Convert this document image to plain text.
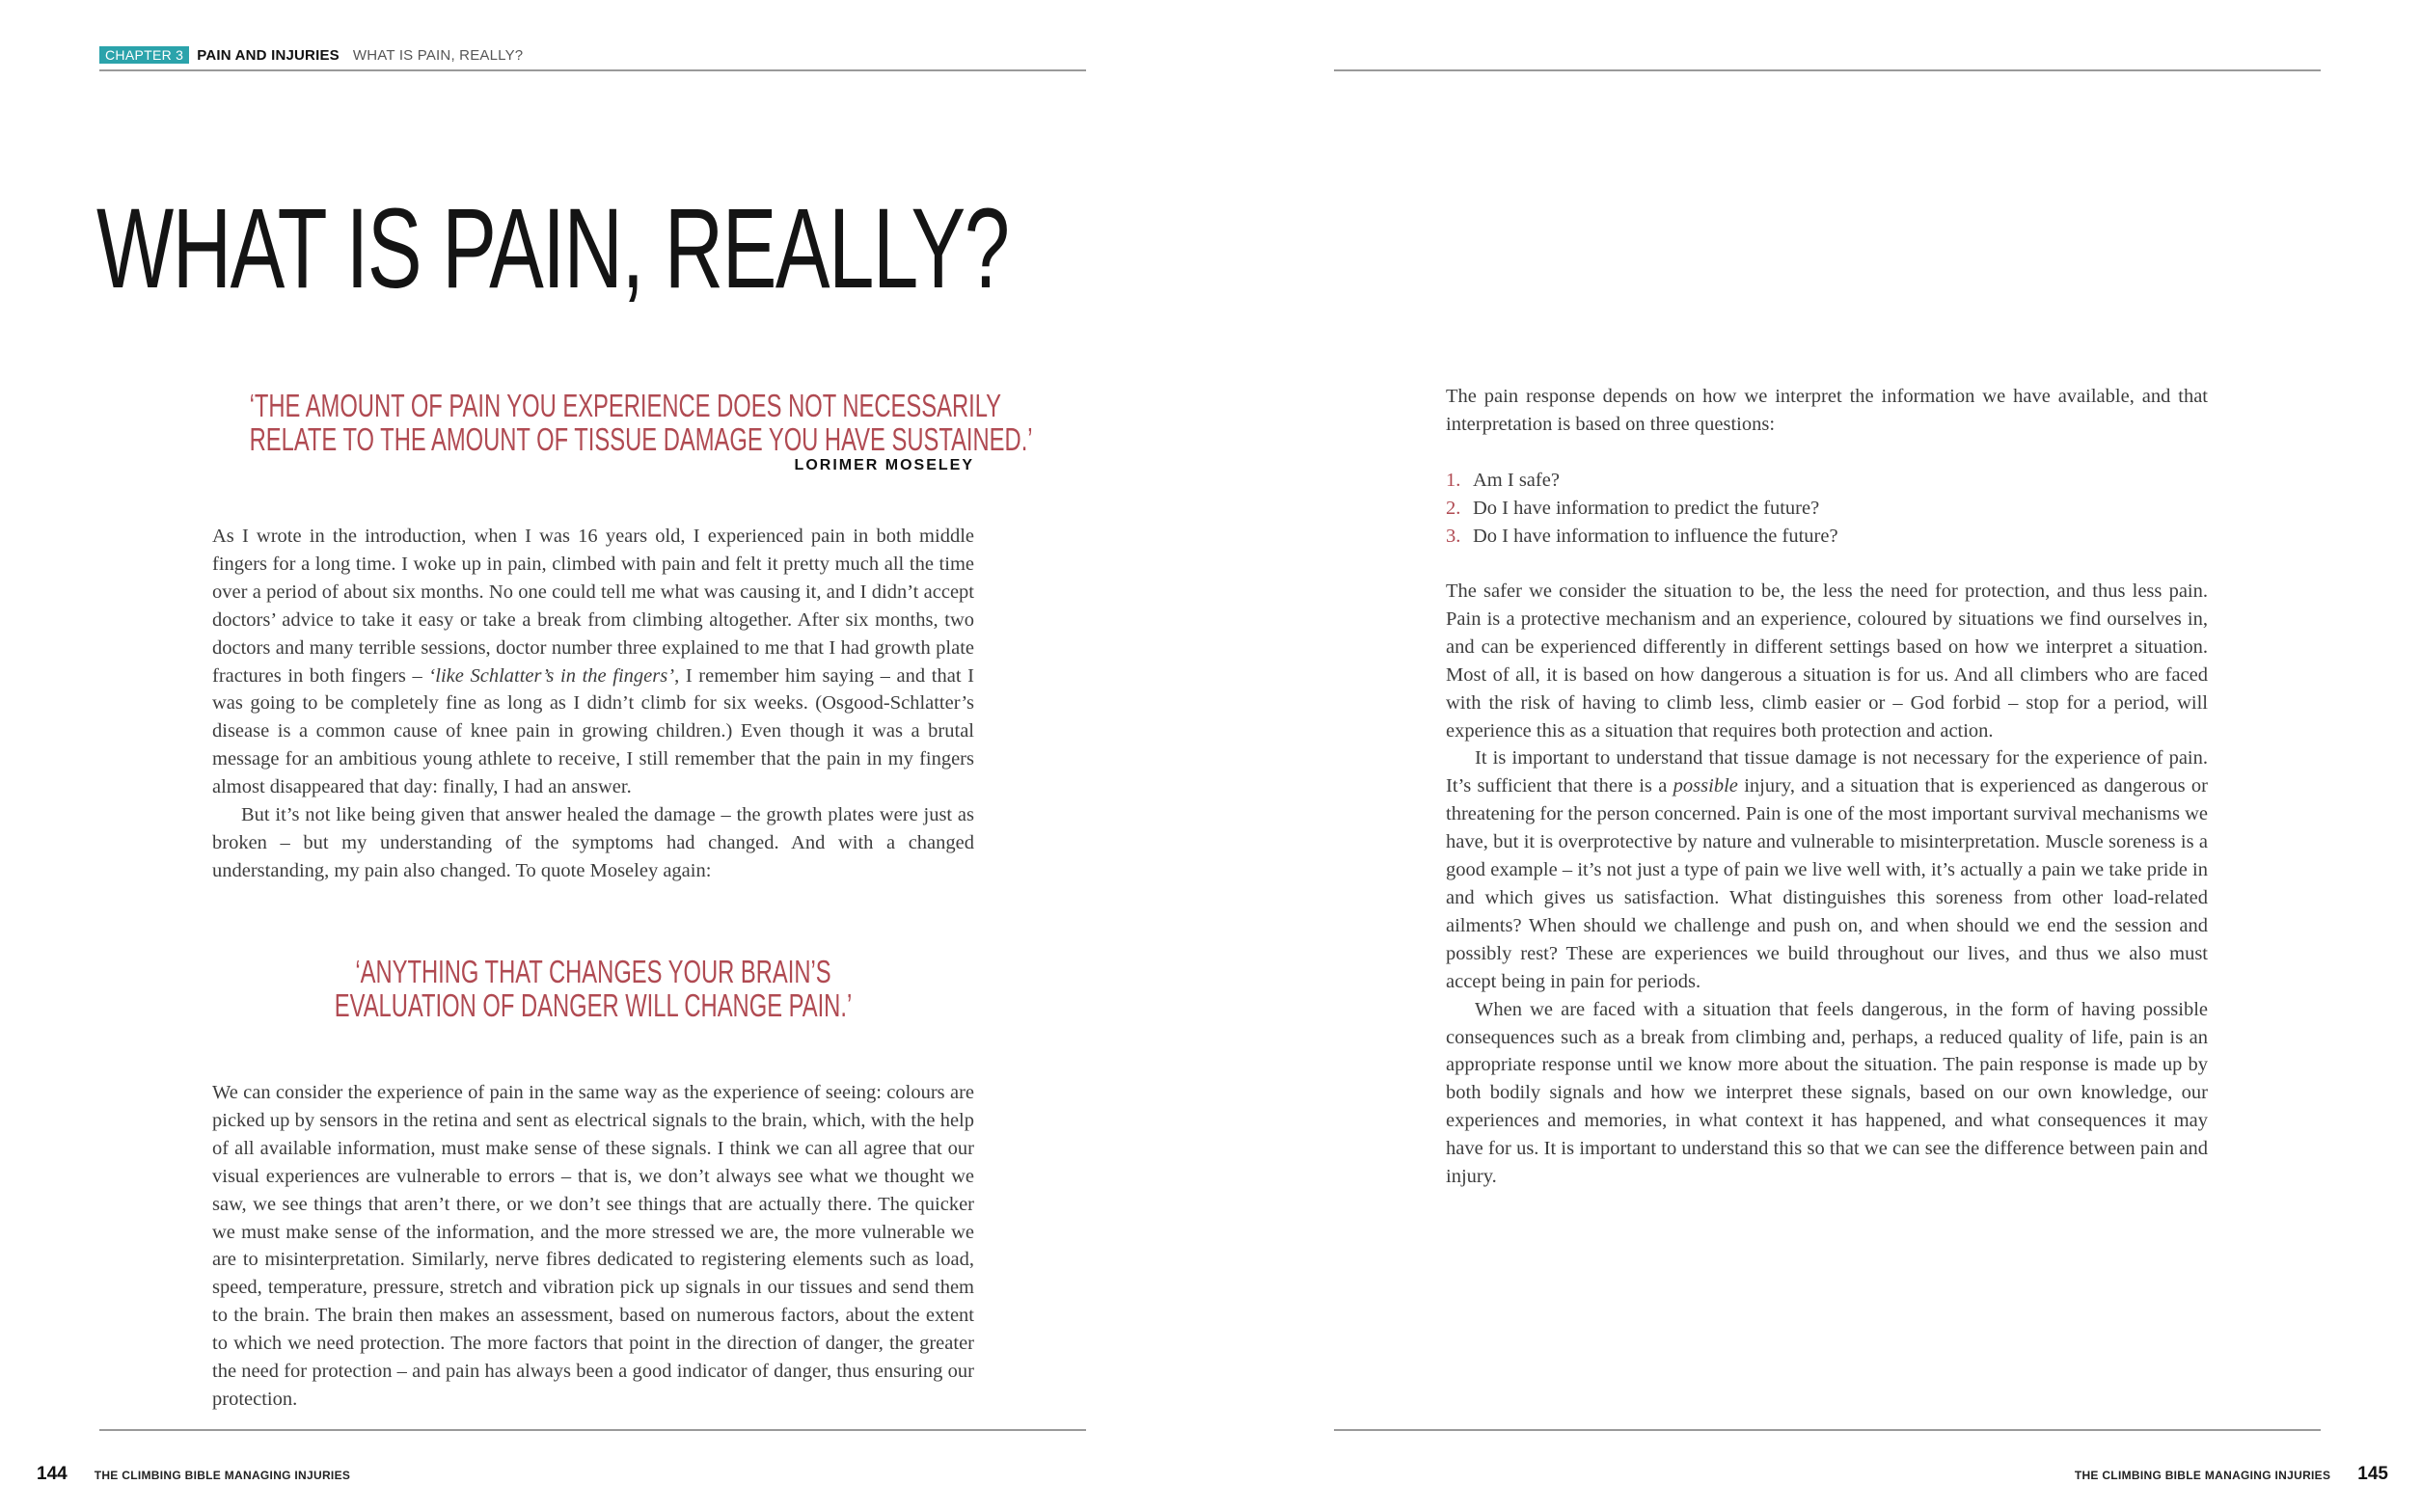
CHAPTER 3 PAIN AND INJURIES WHAT IS PAIN, REALLY?
WHAT IS PAIN, REALLY?
‘THE AMOUNT OF PAIN YOU EXPERIENCE DOES NOT NECESSARILY
RELATE TO THE AMOUNT OF TISSUE DAMAGE YOU HAVE SUSTAINED.’
LORIMER MOSELEY

As I wrote in the introduction, when I was 16 years old, I experienced pain in both middle fingers for a long time. I woke up in pain, climbed with pain and felt it pretty much all the time over a period of about six months. No one could tell me what was causing it, and I didn’t accept doctors’ advice to take it easy or take a break from climbing altogether. After six months, two doctors and many terrible sessions, doctor number three explained to me that I had growth plate fractures in both fingers – ‘like Schlatter’s in the fingers’, I remember him saying – and that I was going to be completely fine as long as I didn’t climb for six weeks. (Osgood-Schlatter’s disease is a common cause of knee pain in growing children.) Even though it was a brutal message for an ambitious young athlete to receive, I still remember that the pain in my fingers almost disappeared that day: finally, I had an answer.

But it’s not like being given that answer healed the damage – the growth plates were just as broken – but my understanding of the symptoms had changed. And with a changed understanding, my pain also changed. To quote Moseley again:

‘ANYTHING THAT CHANGES YOUR BRAIN’S
EVALUATION OF DANGER WILL CHANGE PAIN.’

We can consider the experience of pain in the same way as the experience of seeing: colours are picked up by sensors in the retina and sent as electrical signals to the brain, which, with the help of all available information, must make sense of these signals. I think we can all agree that our visual experiences are vulnerable to errors – that is, we don’t always see what we thought we saw, we see things that aren’t there, or we don’t see things that are actually there. The quicker we must make sense of the information, and the more stressed we are, the more vulnerable we are to misinterpretation. Similarly, nerve fibres dedicated to registering elements such as load, speed, temperature, pressure, stretch and vibration pick up signals in our tissues and send them to the brain. The brain then makes an assessment, based on numerous factors, about the extent to which we need protection. The more factors that point in the direction of danger, the greater the need for protection – and pain has always been a good indicator of danger, thus ensuring our protection.

144 THE CLIMBING BIBLE MANAGING INJURIES

The pain response depends on how we interpret the information we have available, and that interpretation is based on three questions:

1. Am I safe?
2. Do I have information to predict the future?
3. Do I have information to influence the future?

The safer we consider the situation to be, the less the need for protection, and thus less pain. Pain is a protective mechanism and an experience, coloured by situations we find ourselves in, and can be experienced differently in different settings based on how we interpret a situation. Most of all, it is based on how dangerous a situation is for us. And all climbers who are faced with the risk of having to climb less, climb easier or – God forbid – stop for a period, will experience this as a situation that requires both protection and action.

It is important to understand that tissue damage is not necessary for the experience of pain. It’s sufficient that there is a possible injury, and a situation that is experienced as dangerous or threatening for the person concerned. Pain is one of the most important survival mechanisms we have, but it is overprotective by nature and vulnerable to misinterpretation. Muscle soreness is a good example – it’s not just a type of pain we live well with, it’s actually a pain we take pride in and which gives us satisfaction. What distinguishes this soreness from other load-related ailments? When should we challenge and push on, and when should we end the session and possibly rest? These are experiences we build throughout our lives, and thus we also must accept being in pain for periods.

When we are faced with a situation that feels dangerous, in the form of having possible consequences such as a break from climbing and, perhaps, a reduced quality of life, pain is an appropriate response until we know more about the situation. The pain response is made up by both bodily signals and how we interpret these signals, based on our own knowledge, our experiences and memories, in what context it has happened, and what consequences it may have for us. It is important to understand this so that we can see the difference between pain and injury.

THE CLIMBING BIBLE MANAGING INJURIES 145
